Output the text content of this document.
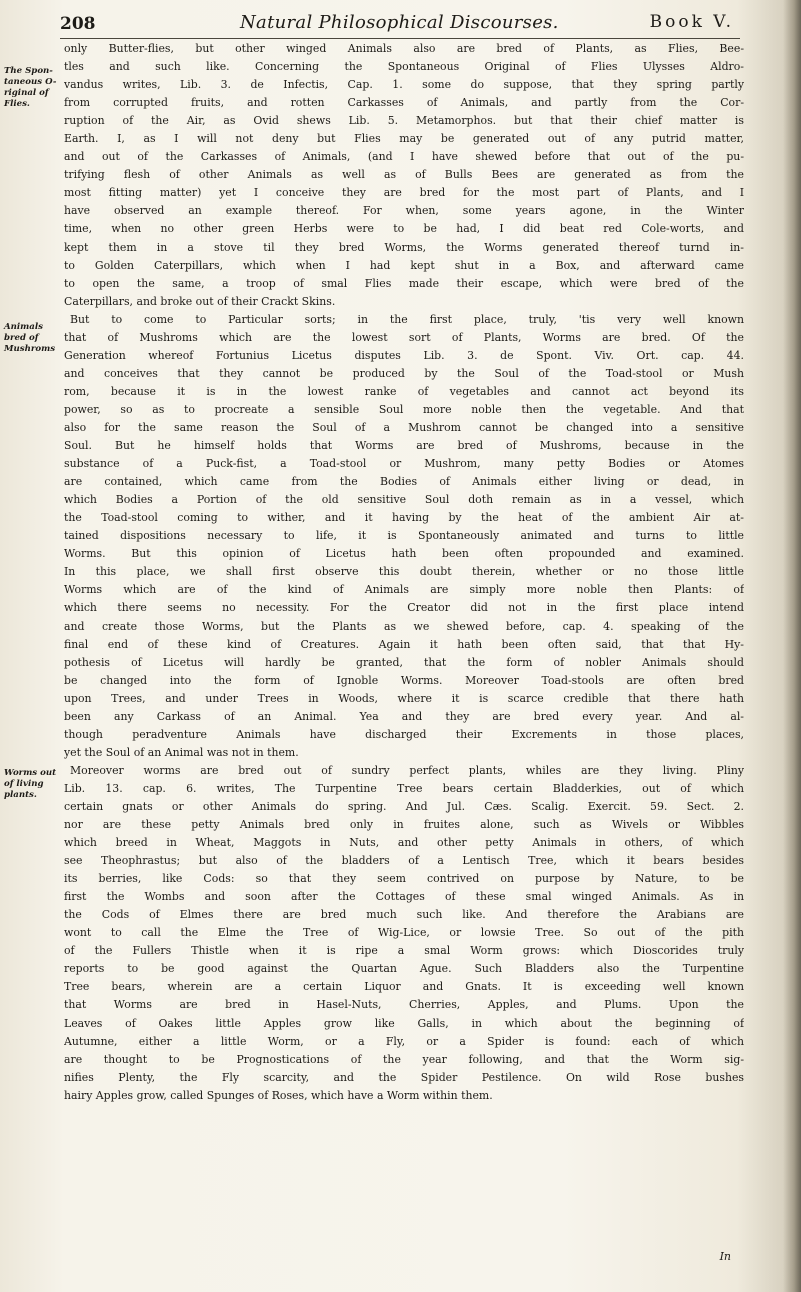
208	Natural Philosophical Discourses.	Book V.
The Spon-
taneous O-
riginal of
Flies.
Animals
bred of
Mushroms
Worms out
of living
plants.
only Butter-flies, but other winged Animals also are bred of Plants, as Flies, Bee-
tles and such like. Concerning the Spontaneous Original of Flies Ulysses Aldro-
vandus writes, Lib. 3. de Infectis, Cap. 1. some do suppose, that they spring partly
from corrupted fruits, and rotten Carkasses of Animals, and partly from the Cor-
ruption of the Air, as Ovid shews Lib. 5. Metamorphos. but that their chief matter is
Earth. I, as I will not deny but Flies may be generated out of any putrid matter,
and out of the Carkasses of Animals, (and I have shewed before that out of the pu-
trifying flesh of other Animals as well as of Bulls Bees are generated as from the
most fitting matter) yet I conceive they are bred for the most part of Plants, and I
have observed an example thereof. For when, some years agone, in the Winter
time, when no other green Herbs were to be had, I did beat red Cole-worts, and
kept them in a stove til they bred Worms, the Worms generated thereof turnd in-
to Golden Caterpillars, which when I had kept shut in a Box, and afterward came
to open the same, a troop of smal Flies made their escape, which were bred of the
Caterpillars, and broke out of their Crackt Skins.
But to come to Particular sorts; in the first place, truly, 'tis very well known
that of Mushroms which are the lowest sort of Plants, Worms are bred. Of the
Generation whereof Fortunius Licetus disputes Lib. 3. de Spont. Viv. Ort. cap. 44.
and conceives that they cannot be produced by the Soul of the Toad-stool or Mush
rom, because it is in the lowest ranke of vegetables and cannot act beyond its
power, so as to procreate a sensible Soul more noble then the vegetable. And that
also for the same reason the Soul of a Mushrom cannot be changed into a sensitive
Soul. But he himself holds that Worms are bred of Mushroms, because in the
substance of a Puck-fist, a Toad-stool or Mushrom, many petty Bodies or Atomes
are contained, which came from the Bodies of Animals either living or dead, in
which Bodies a Portion of the old sensitive Soul doth remain as in a vessel, which
the Toad-stool coming to wither, and it having by the heat of the ambient Air at-
tained dispositions necessary to life, it is Spontaneously animated and turns to little
Worms. But this opinion of Licetus hath been often propounded and examined.
In this place, we shall first observe this doubt therein, whether or no those little
Worms which are of the kind of Animals are simply more noble then Plants: of
which there seems no necessity. For the Creator did not in the first place intend
and create those Worms, but the Plants as we shewed before, cap. 4. speaking of the
final end of these kind of Creatures. Again it hath been often said, that that Hy-
pothesis of Licetus will hardly be granted, that the form of nobler Animals should
be changed into the form of Ignoble Worms. Moreover Toad-stools are often bred
upon Trees, and under Trees in Woods, where it is scarce credible that there hath
been any Carkass of an Animal. Yea and they are bred every year. And al-
though peradventure Animals have discharged their Excrements in those places,
yet the Soul of an Animal was not in them.
Moreover worms are bred out of sundry perfect plants, whiles are they living. Pliny
Lib. 13. cap. 6. writes, The Turpentine Tree bears certain Bladderkies, out of which
certain gnats or other Animals do spring. And Jul. Cæs. Scalig. Exercit. 59. Sect. 2.
nor are these petty Animals bred only in fruites alone, such as Wivels or Wibbles
which breed in Wheat, Maggots in Nuts, and other petty Animals in others, of which
see Theophrastus; but also of the bladders of a Lentisch Tree, which it bears besides
its berries, like Cods: so that they seem contrived on purpose by Nature, to be
first the Wombs and soon after the Cottages of these smal winged Animals. As in
the Cods of Elmes there are bred much such like. And therefore the Arabians are
wont to call the Elme the Tree of Wig-Lice, or lowsie Tree. So out of the pith
of the Fullers Thistle when it is ripe a smal Worm grows: which Dioscorides truly
reports to be good against the Quartan Ague. Such Bladders also the Turpentine
Tree bears, wherein are a certain Liquor and Gnats. It is exceeding well known
that Worms are bred in Hasel-Nuts, Cherries, Apples, and Plums. Upon the
Leaves of Oakes little Apples grow like Galls, in which about the beginning of
Autumne, either a little Worm, or a Fly, or a Spider is found: each of which
are thought to be Prognostications of the year following, and that the Worm sig-
nifies Plenty, the Fly scarcity, and the Spider Pestilence. On wild Rose bushes
hairy Apples grow, called Spunges of Roses, which have a Worm within them.
In
